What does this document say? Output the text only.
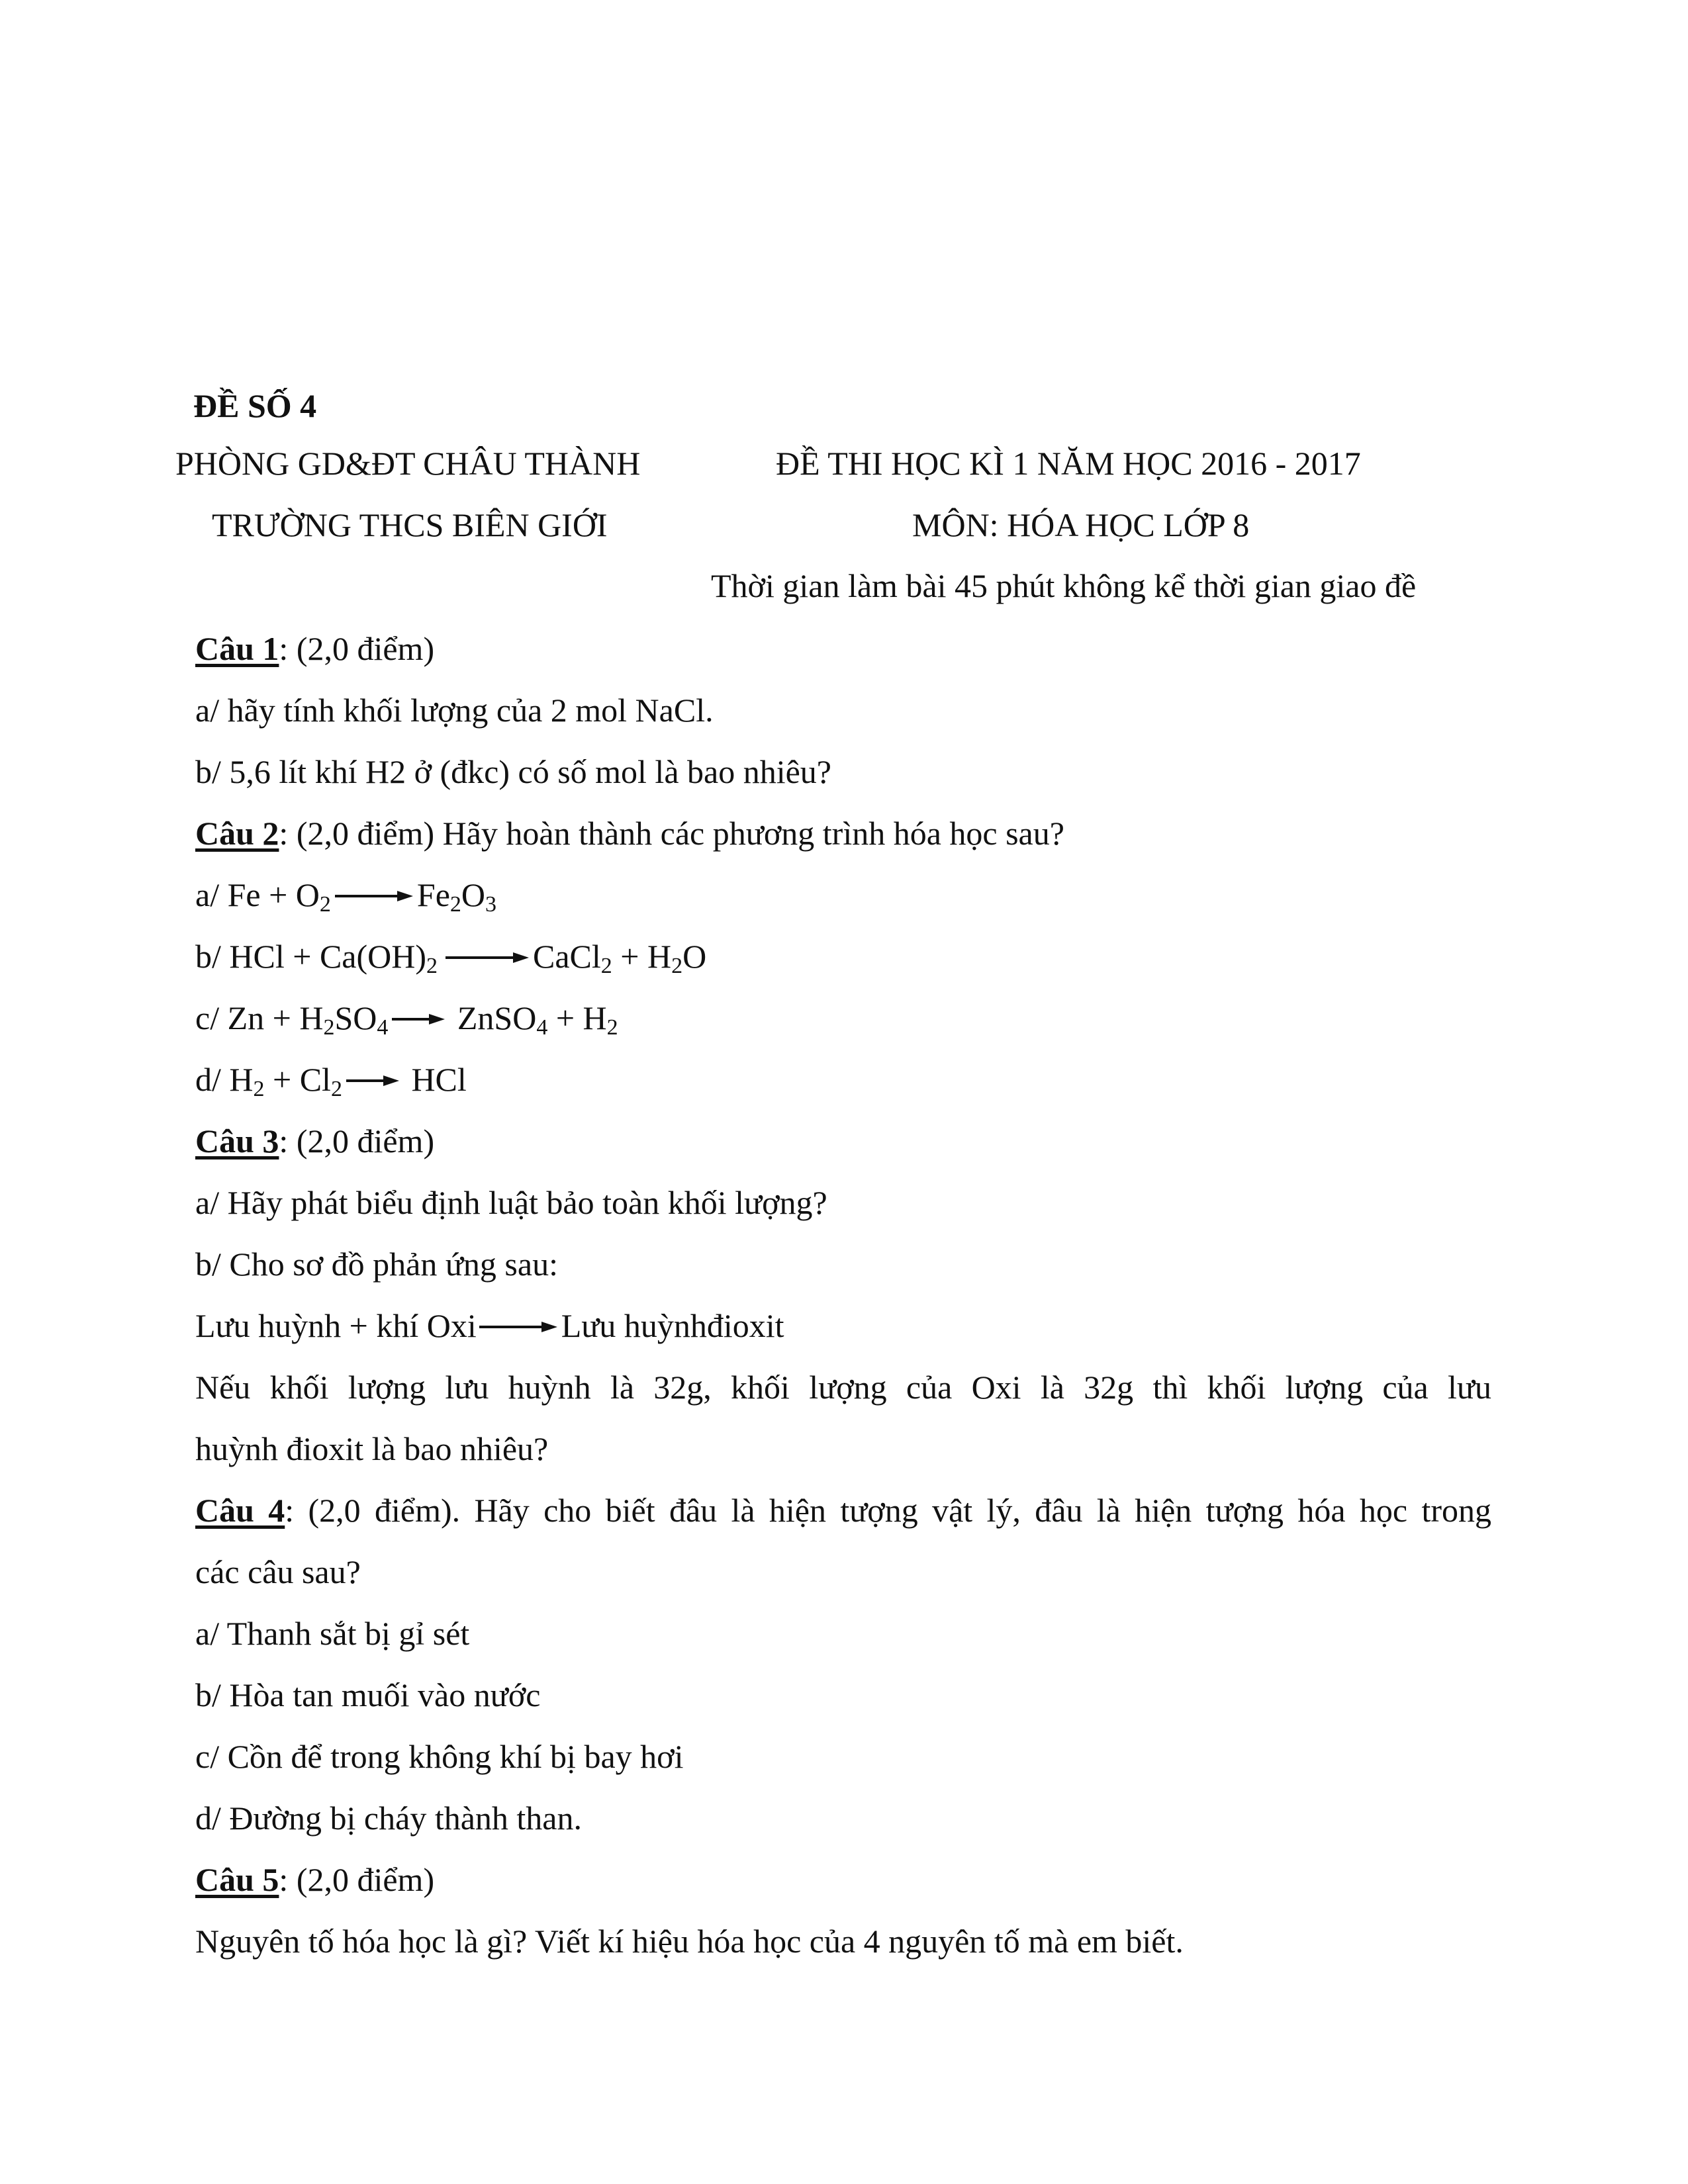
ĐỀ SỐ 4
PHÒNG GD&ĐT CHÂU THÀNH	ĐỀ THI HỌC KÌ 1 NĂM HỌC 2016 - 2017
TRƯỜNG THCS BIÊN GIỚI	MÔN: HÓA HỌC LỚP 8
Thời gian làm bài 45 phút không kể thời gian giao đề
Câu 1: (2,0 điểm)
a/ hãy tính khối lượng của 2 mol NaCl.
b/ 5,6 lít khí H2 ở (đkc) có số mol là bao nhiêu?
Câu 2: (2,0 điểm) Hãy hoàn thành các phương trình hóa học sau?
a/ $Fe + O_2 \to Fe_2O_3$
b/ HCl + $Ca(OH)_2$ → CaCl$_2$ + $H_2O$
c/ $Zn + H_2SO_4$ → ZnSO$_4$ + $H_2$
d/ $H_2 + Cl_2$ → HCl
Câu 3: (2,0 điểm)
a/ Hãy phát biểu định luật bảo toàn khối lượng?
b/ Cho sơ đồ phản ứng sau:
Lưu huỳnh + khí Oxi → Lưu huỳnhđioxit
Nếu khối lượng lưu huỳnh là 32g, khối lượng của Oxi là 32g thì khối lượng của lưu
huỳnh đioxit là bao nhiêu?
Câu 4: (2,0 điểm). Hãy cho biết đâu là hiện tượng vật lý, đâu là hiện tượng hóa học trong
các câu sau?
a/ Thanh sắt bị gỉ sét
b/ Hòa tan muối vào nước
c/ Cồn để trong không khí bị bay hơi
d/ Đường bị cháy thành than.
Câu 5: (2,0 điểm)
Nguyên tố hóa học là gì? Viết kí hiệu hóa học của 4 nguyên tố mà em biết.
